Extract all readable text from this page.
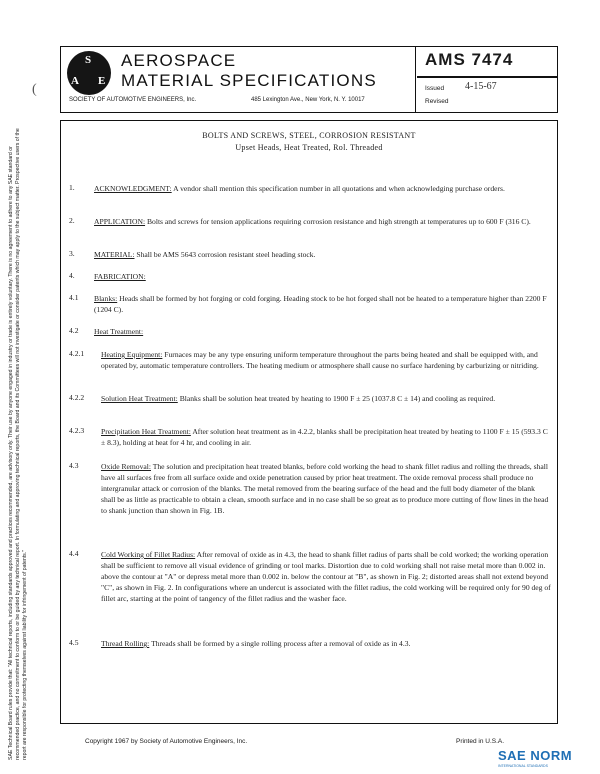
(
S
A E
AEROSPACE
MATERIAL SPECIFICATIONS
SOCIETY OF AUTOMOTIVE ENGINEERS, Inc.	485 Lexington Ave., New York, N. Y. 10017
AMS 7474
Issued 4-15-67
Revised
BOLTS AND SCREWS, STEEL, CORROSION RESISTANT
Upset Heads, Heat Treated, Rol. Threaded
1.	ACKNOWLEDGMENT: A vendor shall mention this specification number in all quotations and when acknowledging purchase orders.
2.	APPLICATION: Bolts and screws for tension applications requiring corrosion resistance and high strength at temperatures up to 600 F (316 C).
3.	MATERIAL: Shall be AMS 5643 corrosion resistant steel heading stock.
4.	FABRICATION:
4.1 Blanks: Heads shall be formed by hot forging or cold forging. Heading stock to be hot forged shall not be heated to a temperature higher than 2200 F (1204 C).
4.2 Heat Treatment:
4.2.1 Heating Equipment: Furnaces may be any type ensuring uniform temperature throughout the parts being heated and shall be equipped with, and operated by, automatic temperature controllers. The heating medium or atmosphere shall cause no surface hardening by carburizing or nitriding.
4.2.2 Solution Heat Treatment: Blanks shall be solution heat treated by heating to 1900 F ± 25 (1037.8 C ± 14) and cooling as required.
4.2.3 Precipitation Heat Treatment: After solution heat treatment as in 4.2.2, blanks shall be precipitation heat treated by heating to 1100 F ± 15 (593.3 C ± 8.3), holding at heat for 4 hr, and cooling in air.
4.3	Oxide Removal: The solution and precipitation heat treated blanks, before cold working the head to shank fillet radius and rolling the threads, shall have all surfaces free from all surface oxide and oxide penetration caused by prior heat treatment. The oxide removal process shall produce no intergranular attack or corrosion of the blanks. The metal removed from the bearing surface of the head and the full body diameter of the blank shall be as little as practicable to obtain a clean, smooth surface and in no case shall be so great as to produce more cutting of flow lines in the head to shank junction than shown in Fig. 1B.
4.4	Cold Working of Fillet Radius: After removal of oxide as in 4.3, the head to shank fillet radius of parts shall be cold worked; the working operation shall be sufficient to remove all visual evidence of grinding or tool marks. Distortion due to cold working shall not raise metal more than 0.002 in. above the contour at "A" or depress metal more than 0.002 in. below the contour at "B", as shown in Fig. 2; distorted areas shall not extend beyond "C", as shown in Fig. 2. In configurations where an undercut is associated with the fillet radius, the cold working will be required only for 90 deg of fillet arc, starting at the point of tangency of the fillet radius and the washer face.
4.5	Thread Rolling: Threads shall be formed by a single rolling process after a removal of oxide as in 4.3.
SAE Technical Board rules provide that: "All technical reports, including standards approved and practices recommended, are advisory only. Their use by anyone engaged in industry or trade is entirely voluntary. There is no agreement to adhere to any SAE standard or recommended practice, and no commitment to conform to or be guided by any technical report. In formulating and approving technical reports, the Board and its Committees will not investigate or consider patents which may apply to the subject matter. Prospective users of the report are responsible for protecting themselves against liability for infringement of patents."	Copyright 1967 by Society of Automotive Engineers, Inc.	Printed in U.S.A.
SAE NORM
INTERNATIONAL STANDARDS
